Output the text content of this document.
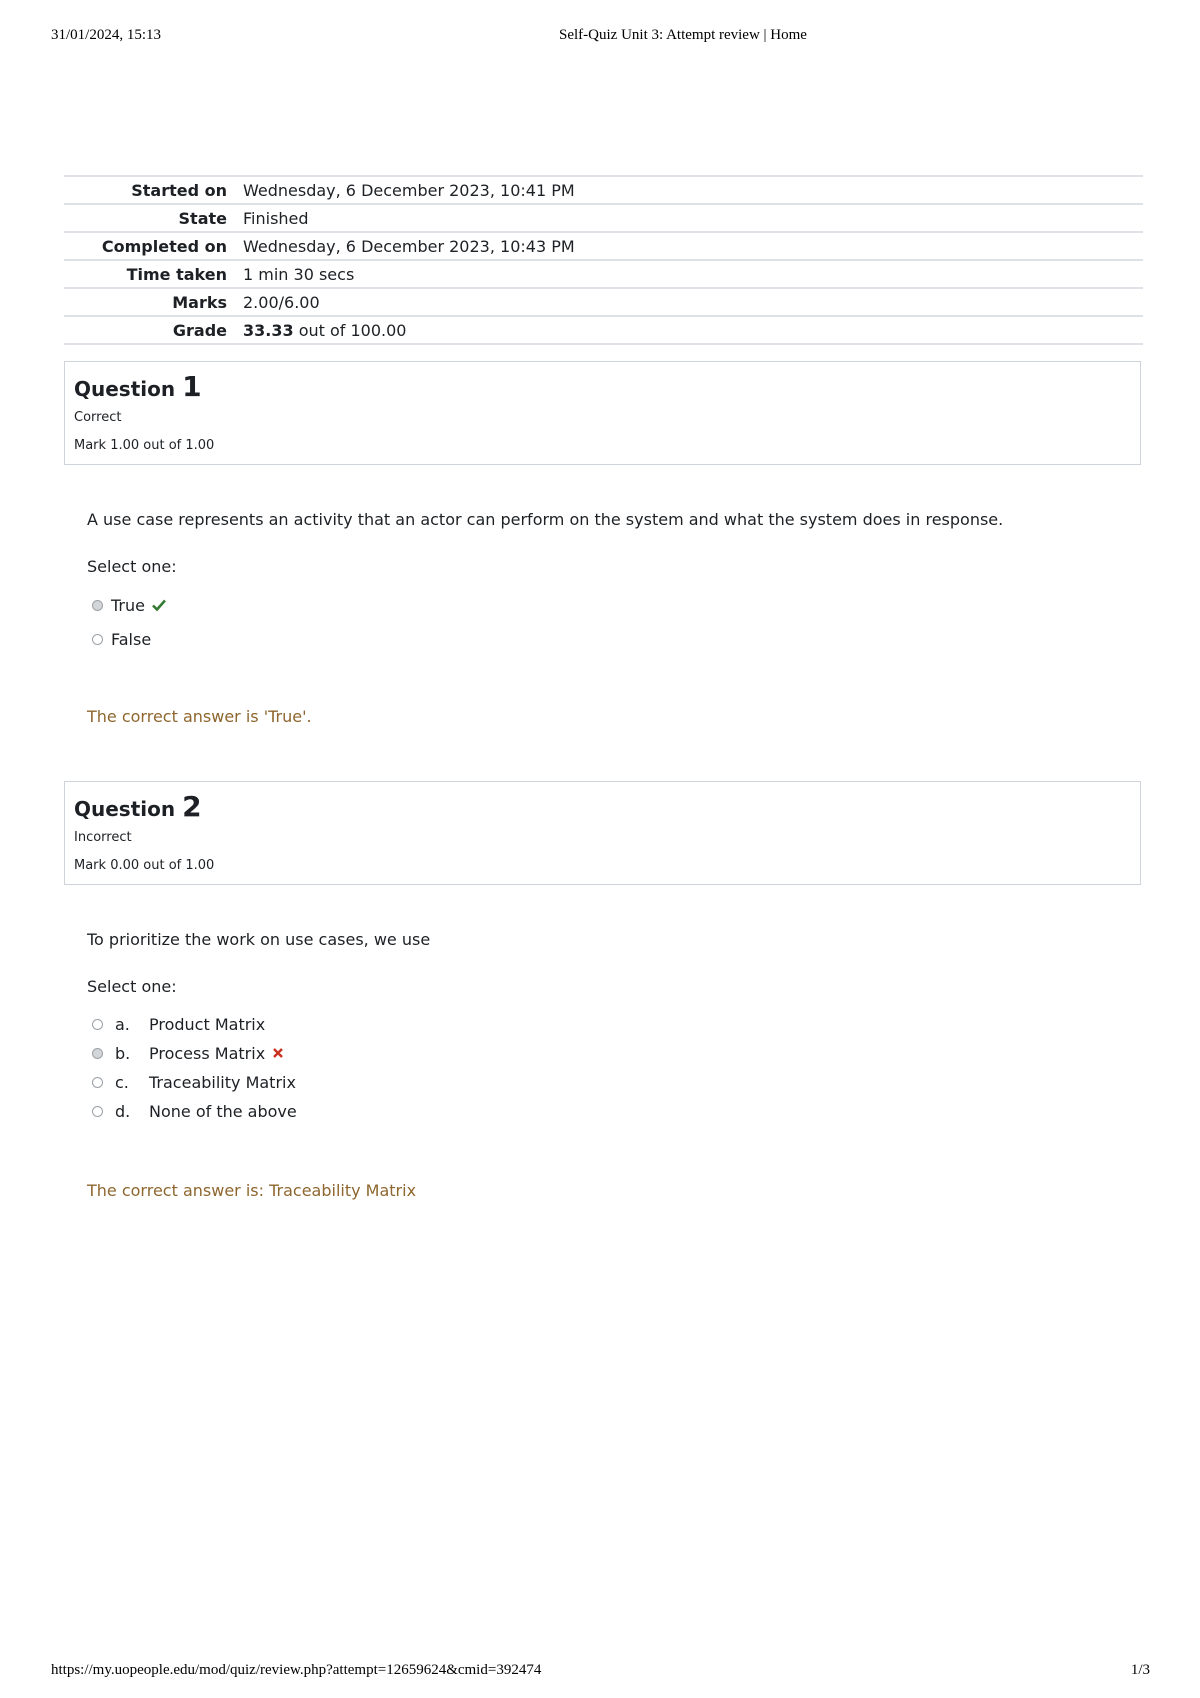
31/01/2024, 15:13	Self-Quiz Unit 3: Attempt review | Home
Started on	Wednesday, 6 December 2023, 10:41 PM
State	Finished
Completed on	Wednesday, 6 December 2023, 10:43 PM
Time taken	1 min 30 secs
Marks	2.00/6.00
Grade	33.33 out of 100.00
Question 1
Correct
Mark 1.00 out of 1.00
A use case represents an activity that an actor can perform on the system and what the system does in response.
Select one:
True
False
The correct answer is 'True'.
Question 2
Incorrect
Mark 0.00 out of 1.00
To prioritize the work on use cases, we use
Select one:
a.	Product Matrix
b.	Process Matrix
c.	Traceability Matrix
d.	None of the above
The correct answer is: Traceability Matrix
https://my.uopeople.edu/mod/quiz/review.php?attempt=12659624&cmid=392474	1/3
